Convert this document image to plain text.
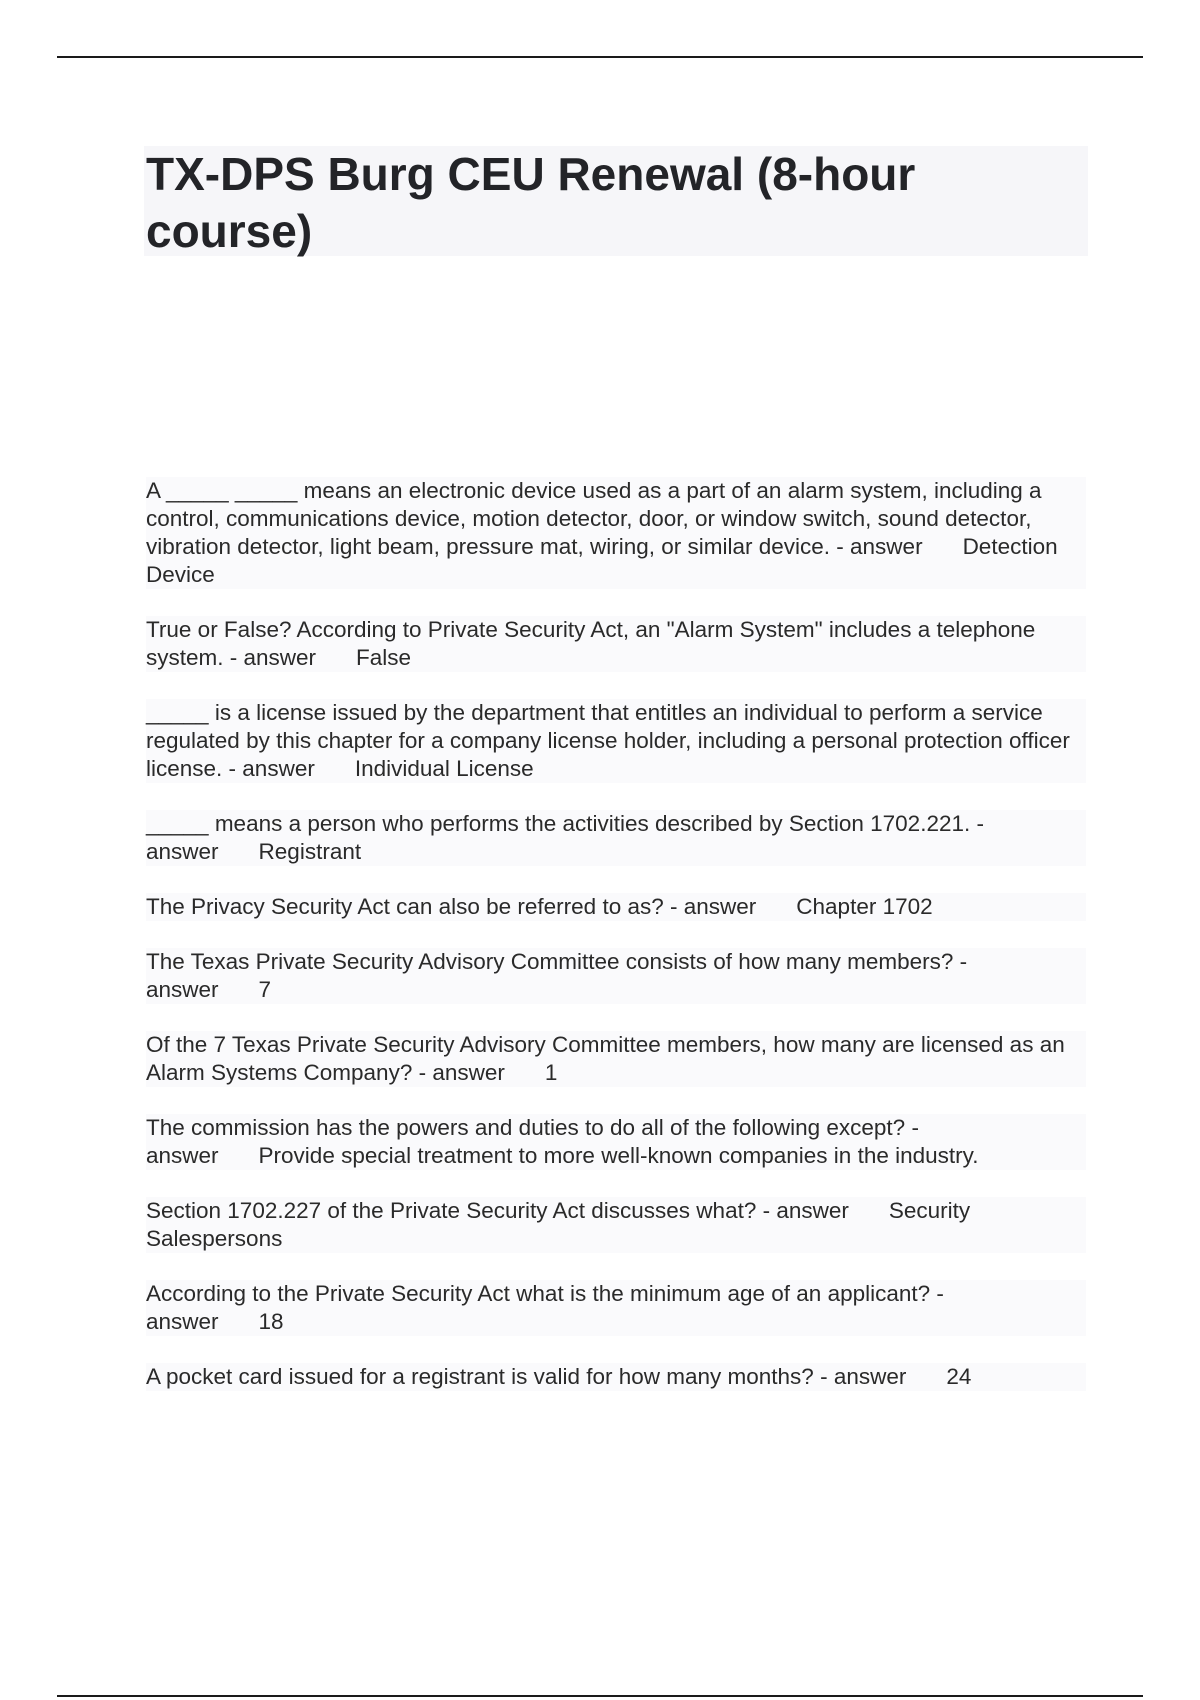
TX-DPS Burg CEU Renewal (8-hour course)

A _____ _____ means an electronic device used as a part of an alarm system, including a control, communications device, motion detector, door, or window switch, sound detector, vibration detector, light beam, pressure mat, wiring, or similar device. - answer Detection Device

True or False? According to Private Security Act, an "Alarm System" includes a telephone system. - answer False

_____ is a license issued by the department that entitles an individual to perform a service regulated by this chapter for a company license holder, including a personal protection officer license. - answer Individual License

_____ means a person who performs the activities described by Section 1702.221. - answer Registrant

The Privacy Security Act can also be referred to as? - answer Chapter 1702

The Texas Private Security Advisory Committee consists of how many members? - answer 7

Of the 7 Texas Private Security Advisory Committee members, how many are licensed as an Alarm Systems Company? - answer 1

The commission has the powers and duties to do all of the following except? - answer Provide special treatment to more well-known companies in the industry.

Section 1702.227 of the Private Security Act discusses what? - answer Security Salespersons

According to the Private Security Act what is the minimum age of an applicant? - answer 18

A pocket card issued for a registrant is valid for how many months? - answer 24
